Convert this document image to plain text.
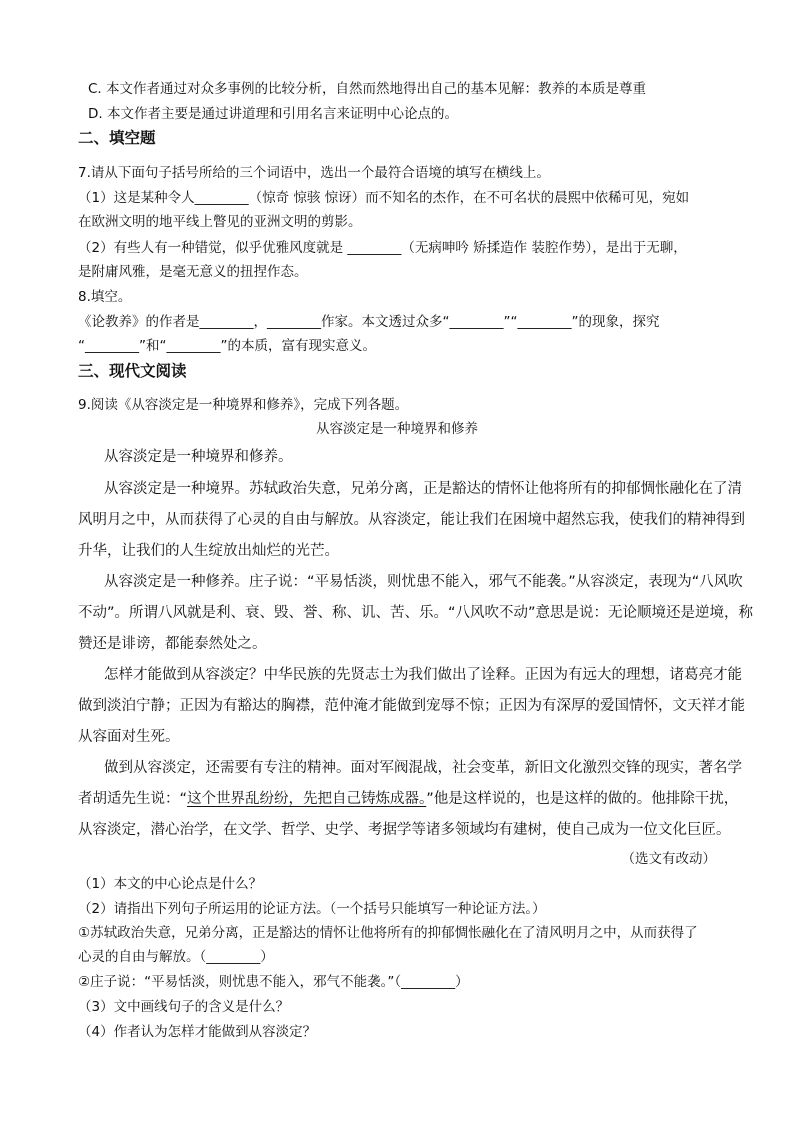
C. 本文作者通过对众多事例的比较分析，自然而然地得出自己的基本见解：教养的本质是尊重
D. 本文作者主要是通过讲道理和引用名言来证明中心论点的。
二、填空题
7.请从下面句子括号所给的三个词语中，选出一个最符合语境的填写在横线上。
（1）这是某种令人________（惊奇 惊骇 惊讶）而不知名的杰作，在不可名状的晨熙中依稀可见，宛如
在欧洲文明的地平线上瞥见的亚洲文明的剪影。
（2）有些人有一种错觉，似乎优雅风度就是 ________（无病呻吟 矫揉造作 装腔作势），是出于无聊，
是附庸风雅，是毫无意义的扭捏作态。
8.填空。
《论教养》的作者是________，________作家。本文透过众多“________”“________”的现象，探究
“________”和“________”的本质，富有现实意义。
三、现代文阅读
9.阅读《从容淡定是一种境界和修养》，完成下列各题。
从容淡定是一种境界和修养
从容淡定是一种境界和修养。
从容淡定是一种境界。苏轼政治失意，兄弟分离，正是豁达的情怀让他将所有的抑郁惆怅融化在了清
风明月之中，从而获得了心灵的自由与解放。从容淡定，能让我们在困境中超然忘我，使我们的精神得到
升华，让我们的人生绽放出灿烂的光芒。
从容淡定是一种修养。庄子说：“平易恬淡，则忧患不能入，邪气不能袭。”从容淡定，表现为“八风吹
不动”。所谓八风就是利、衰、毁、誉、称、讥、苦、乐。“八风吹不动”意思是说：无论顺境还是逆境，称
赞还是诽谤，都能泰然处之。
怎样才能做到从容淡定？中华民族的先贤志士为我们做出了诠释。正因为有远大的理想，诸葛亮才能
做到淡泊宁静；正因为有豁达的胸襟，范仲淹才能做到宠辱不惊；正因为有深厚的爱国情怀，文天祥才能
从容面对生死。
做到从容淡定，还需要有专注的精神。面对军阀混战，社会变革，新旧文化激烈交锋的现实，著名学
者胡适先生说：“这个世界乱纷纷，先把自己铸炼成器。”他是这样说的，也是这样的做的。他排除干扰，
从容淡定，潜心治学，在文学、哲学、史学、考据学等诸多领域均有建树，使自己成为一位文化巨匠。
（选文有改动）
（1）本文的中心论点是什么？
（2）请指出下列句子所运用的论证方法。（一个括号只能填写一种论证方法。）
①苏轼政治失意，兄弟分离，正是豁达的情怀让他将所有的抑郁惆怅融化在了清风明月之中，从而获得了
心灵的自由与解放。（________）
②庄子说：“平易恬淡，则忧患不能入，邪气不能袭。”（________）
（3）文中画线句子的含义是什么？
（4）作者认为怎样才能做到从容淡定？
